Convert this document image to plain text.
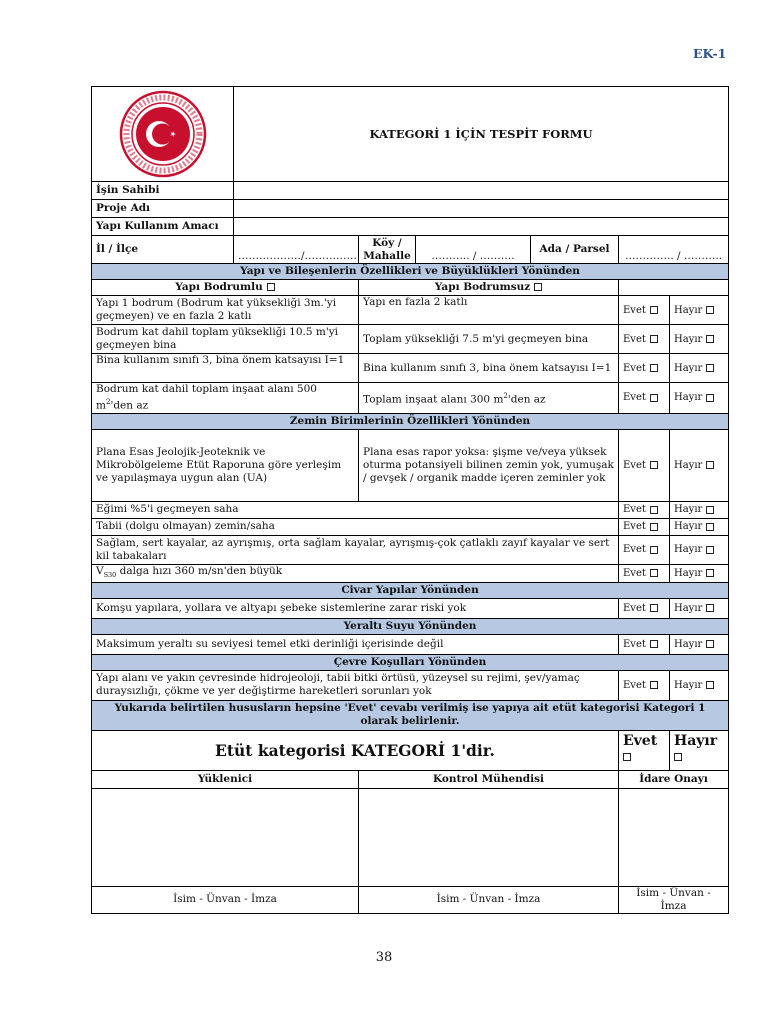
EK-1
	KATEGORİ 1 İÇİN TESPİT FORMU					
İşin Sahibi						
Proje Adı						
Yapı Kullanım Amacı						
İl / İlçe	………………/……………	Köy / Mahalle	……….. / ……….	Ada / Parsel	………….. / ………..	
Yapı ve Bileşenlerin Özellikleri ve Büyüklükleri Yönünden						
Yapı Bodrumlu		Yapı Bodrumsuz				
Yapı 1 bodrum (Bodrum kat yüksekliği 3m.'yi geçmeyen) ve en fazla 2 katlı		Yapı en fazla 2 katlı			Evet	Hayır
Bodrum kat dahil toplam yüksekliği 10.5 m'yi geçmeyen bina		Toplam yüksekliği 7.5 m'yi geçmeyen bina			Evet	Hayır
Bina kullanım sınıfı 3, bina önem katsayısı I=1		Bina kullanım sınıfı 3, bina önem katsayısı I=1			Evet	Hayır
Bodrum kat dahil toplam inşaat alanı 500 $m^2'den$ az		Toplam inşaat alanı 300 $m^2'den$ az			Evet	Hayır
Zemin Birimlerinin Özellikleri Yönünden						
Plana Esas Jeolojik-Jeoteknik ve Mikrobölgeleme Etüt Raporuna göre yerleşim ve yapılaşmaya uygun alan (UA)		Plana esas rapor yoksa: şişme ve/veya yüksek oturma potansiyeli bilinen zemin yok, yumuşak / gevşek / organik madde içeren zeminler yok			Evet	Hayır
Eğimi %5'i geçmeyen saha					Evet	Hayır
Tabii (dolgu olmayan) zemin/saha					Evet	Hayır
Sağlam, sert kayalar, az ayrışmış, orta sağlam kayalar, ayrışmış-çok çatlaklı zayıf kayalar ve sert kil tabakaları					Evet	Hayır
$V_{S30}$ dalga hızı 360 m/sn'den büyük					Evet	Hayır
Civar Yapılar Yönünden						
Komşu yapılara, yollara ve altyapı şebeke sistemlerine zarar riski yok					Evet	Hayır
Yeraltı Suyu Yönünden						
Maksimum yeraltı su seviyesi temel etki derinliği içerisinde değil					Evet	Hayır
Çevre Koşulları Yönünden						
Yapı alanı ve yakın çevresinde hidrojeoloji, tabii bitki örtüsü, yüzeysel su rejimi, şev/yamaç duraysızlığı, çökme ve yer değiştirme hareketleri sorunları yok					Evet	Hayır
Yukarıda belirtilen hususların hepsine 'Evet' cevabı verilmiş ise yapıya ait etüt kategorisi Kategori 1 olarak belirlenir.						
Etüt kategorisi KATEGORİ 1'dir.					Evet	Hayır

Yüklenici		Kontrol Mühendisi			İdare Onayı	

İsim - Ünvan - İmza		İsim - Ünvan - İmza			İsim - Ünvan - İmza	
38
